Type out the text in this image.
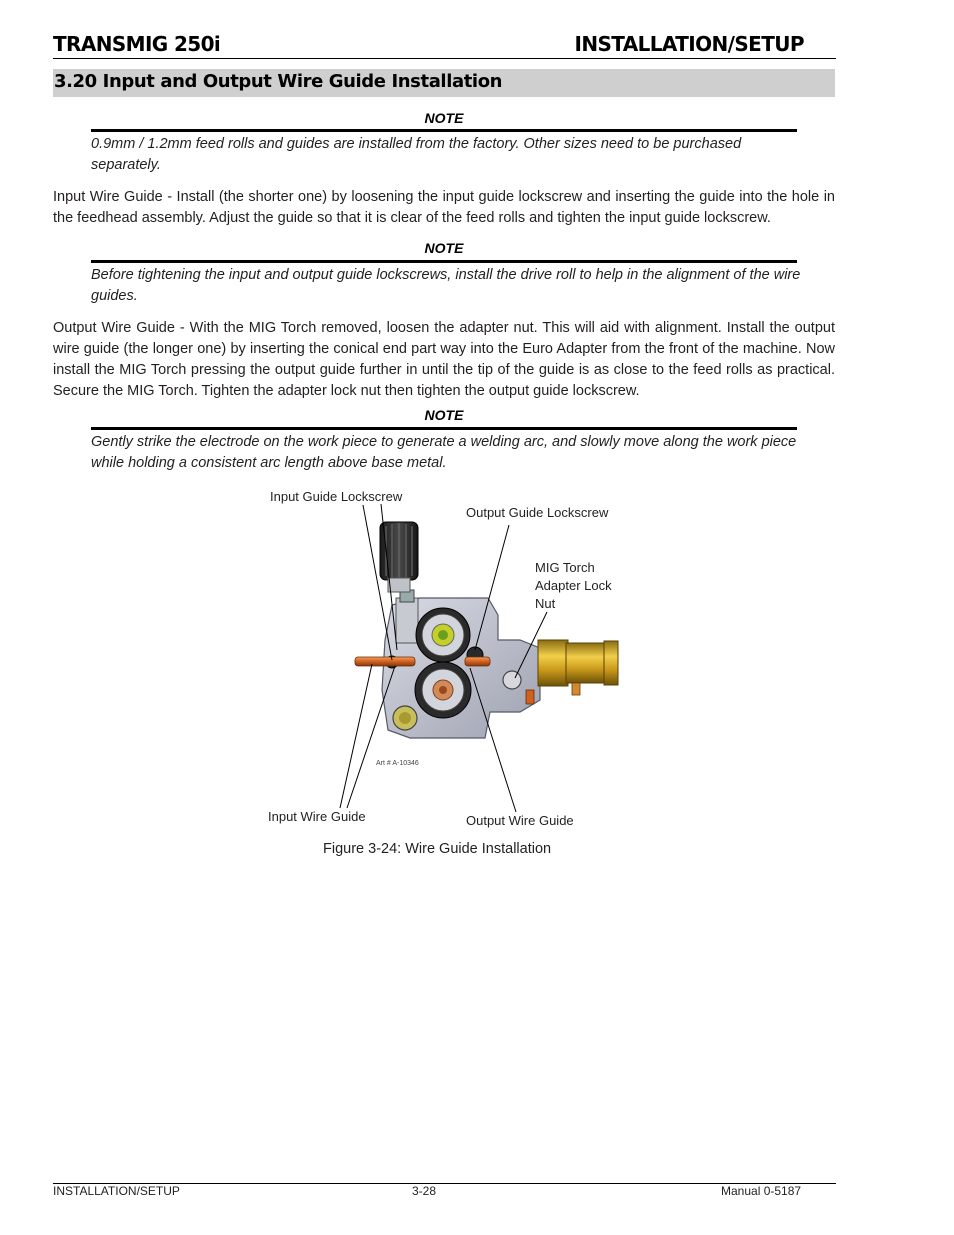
TRANSMIG 250i	INSTALLATION/SETUP
3.20 Input and Output Wire Guide Installation
NOTE
0.9mm / 1.2mm feed rolls and guides are installed from the factory. Other sizes need to be purchased separately.
Input Wire Guide - Install (the shorter one) by loosening the input guide lockscrew and inserting the guide into the hole in the feedhead assembly. Adjust the guide so that it is clear of the feed rolls and tighten the input guide lockscrew.
NOTE
Before tightening the input and output guide lockscrews, install the drive roll to help in the alignment of the wire guides.
Output Wire Guide - With the MIG Torch removed, loosen the adapter nut. This will aid with alignment. Install the output wire guide (the longer one) by inserting the conical end part way into the Euro Adapter from the front of the machine. Now install the MIG Torch pressing the output guide further in until the tip of the guide is as close to the feed rolls as practical. Secure the MIG Torch. Tighten the adapter lock nut then tighten the output guide lockscrew.
NOTE
Gently strike the electrode on the work piece to generate a welding arc, and slowly move along the work piece while holding a consistent arc length above base metal.
Input Guide Lockscrew
Output Guide Lockscrew
MIG Torch
Adapter Lock
Nut
Input Wire Guide	Output Wire Guide
Art # A-10346
Figure 3-24: Wire Guide Installation
INSTALLATION/SETUP	3-28	Manual 0-5187
